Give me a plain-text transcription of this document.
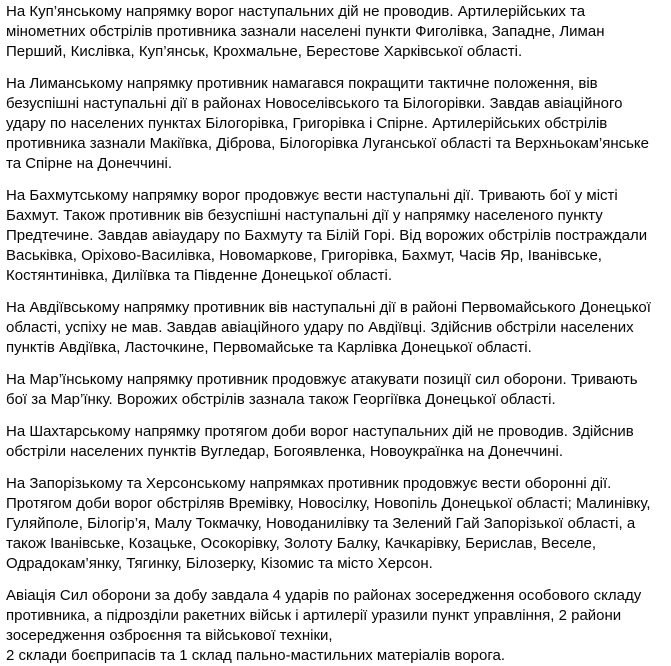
На Куп’янському напрямку ворог наступальних дій не проводив. Артилерійських та
мінометних обстрілів противника зазнали населені пункти Фиголівка, Западне, Лиман
Перший, Кислівка, Куп’янськ, Крохмальне, Берестове Харківської області.

На Лиманському напрямку противник намагався покращити тактичне положення, вів
безуспішні наступальні дії в районах Новоселівського та Білогорівки. Завдав авіаційного
удару по населених пунктах Білогорівка, Григорівка і Спірне. Артилерійських обстрілів
противника зазнали Макіївка, Діброва, Білогорівка Луганської області та Верхньокам’янське
та Спірне на Донеччині.

На Бахмутському напрямку ворог продовжує вести наступальні дії. Тривають бої у місті
Бахмут. Також противник вів безуспішні наступальні дії у напрямку населеного пункту
Предтечине. Завдав авіаудару по Бахмуту та Білій Горі. Від ворожих обстрілів постраждали
Васьківка, Оріхово-Василівка, Новомаркове, Григорівка, Бахмут, Часів Яр, Іванівське,
Костянтинівка, Диліївка та Південне Донецької області.

На Авдіївському напрямку противник вів наступальні дії в районі Первомайського Донецької
області, успіху не мав. Завдав авіаційного удару по Авдіївці. Здійснив обстріли населених
пунктів Авдіївка, Ласточкине, Первомайське та Карлівка Донецької області.

На Мар’їнському напрямку противник продовжує атакувати позиції сил оборони. Тривають
бої за Мар’їнку. Ворожих обстрілів зазнала також Георгіївка Донецької області.

На Шахтарському напрямку протягом доби ворог наступальних дій не проводив. Здійснив
обстріли населених пунктів Вугледар, Богоявленка, Новоукраїнка на Донеччині.

На Запорізькому та Херсонському напрямках противник продовжує вести оборонні дії.
Протягом доби ворог обстріляв Времівку, Новосілку, Новопіль Донецької області; Малинівку,
Гуляйполе, Білогір’я, Малу Токмачку, Новоданилівку та Зелений Гай Запорізької області, а
також Іванівське, Козацьке, Осокорівку, Золоту Балку, Качкарівку, Берислав, Веселе,
Одрадокам’янку, Тягинку, Білозерку, Кізомис та місто Херсон.

Авіація Сил оборони за добу завдала 4 ударів по районах зосередження особового складу
противника, а підрозділи ракетних військ і артилерії уразили пункт управління, 2 райони
зосередження озброєння та військової техніки,
2 склади боєприпасів та 1 склад пально-мастильних матеріалів ворога.
